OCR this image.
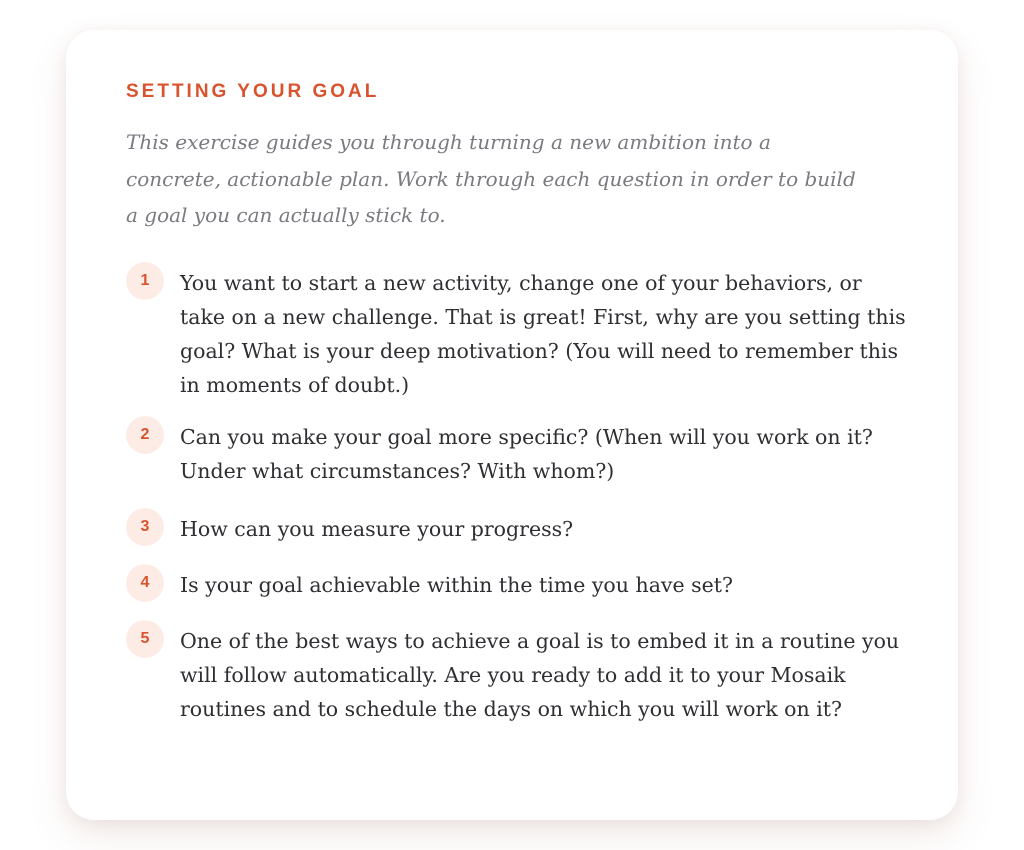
SETTING YOUR GOAL

This exercise guides you through turning a new ambition into a concrete, actionable plan. Work through each question in order to build a goal you can actually stick to.

1	You want to start a new activity, change one of your behaviors, or take on a new challenge. That is great! First, why are you setting this goal? What is your deep motivation? (You will need to remember this in moments of doubt.)
2	Can you make your goal more specific? (When will you work on it? Under what circumstances? With whom?)
3	How can you measure your progress?
4	Is your goal achievable within the time you have set?
5	One of the best ways to achieve a goal is to embed it in a routine you will follow automatically. Are you ready to add it to your Mosaik routines and to schedule the days on which you will work on it?
